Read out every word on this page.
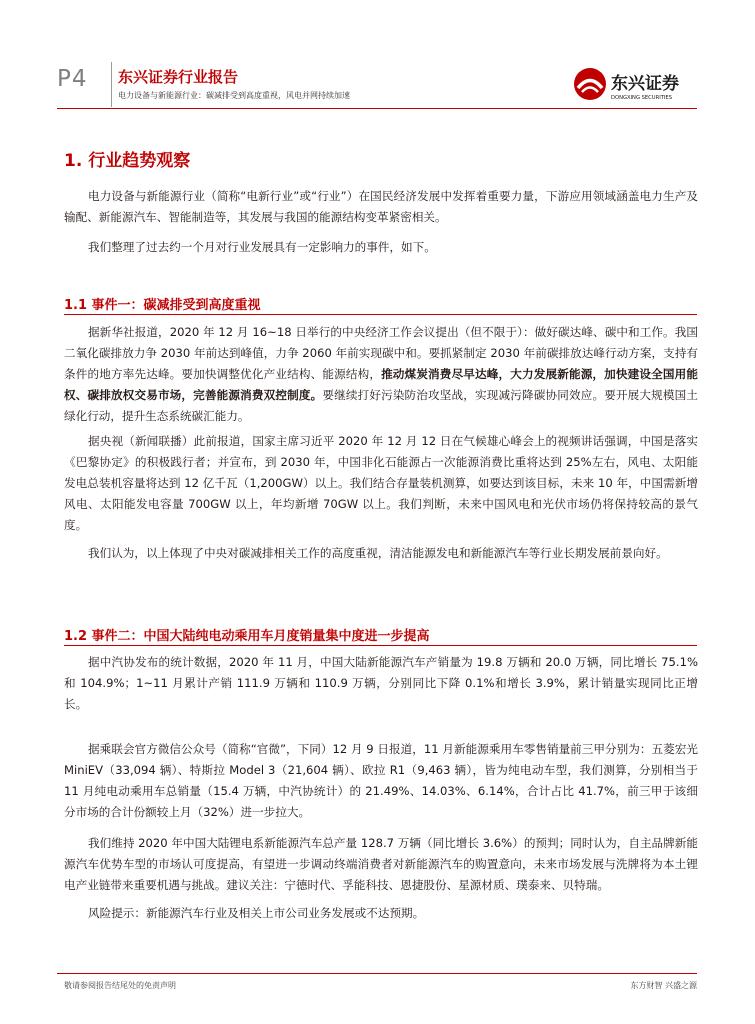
P4 东兴证券行业报告
电力设备与新能源行业：碳减排受到高度重视，风电并网持续加速
东兴证券
DONGXING SECURITIES
1. 行业趋势观察
电力设备与新能源行业（简称“电新行业”或“行业”）在国民经济发展中发挥着重要力量，下游应用领域涵盖电力生产及输配、新能源汽车、智能制造等，其发展与我国的能源结构变革紧密相关。
我们整理了过去约一个月对行业发展具有一定影响力的事件，如下。
1.1 事件一：碳减排受到高度重视
据新华社报道，2020 年 12 月 16~18 日举行的中央经济工作会议提出（但不限于）：做好碳达峰、碳中和工作。我国二氧化碳排放力争 2030 年前达到峰值，力争 2060 年前实现碳中和。要抓紧制定 2030 年前碳排放达峰行动方案，支持有条件的地方率先达峰。要加快调整优化产业结构、能源结构，推动煤炭消费尽早达峰，大力发展新能源，加快建设全国用能权、碳排放权交易市场，完善能源消费双控制度。要继续打好污染防治攻坚战，实现减污降碳协同效应。要开展大规模国土绿化行动，提升生态系统碳汇能力。
据央视（新闻联播）此前报道，国家主席习近平 2020 年 12 月 12 日在气候雄心峰会上的视频讲话强调，中国是落实《巴黎协定》的积极践行者；并宣布，到 2030 年，中国非化石能源占一次能源消费比重将达到 25%左右，风电、太阳能发电总装机容量将达到 12 亿千瓦（1,200GW）以上。我们结合存量装机测算，如要达到该目标，未来 10 年，中国需新增风电、太阳能发电容量 700GW 以上，年均新增 70GW 以上。我们判断，未来中国风电和光伏市场仍将保持较高的景气度。
我们认为，以上体现了中央对碳减排相关工作的高度重视，清洁能源发电和新能源汽车等行业长期发展前景向好。
1.2 事件二：中国大陆纯电动乘用车月度销量集中度进一步提高
据中汽协发布的统计数据，2020 年 11 月，中国大陆新能源汽车产销量为 19.8 万辆和 20.0 万辆，同比增长 75.1%和 104.9%；1~11 月累计产销 111.9 万辆和 110.9 万辆，分别同比下降 0.1%和增长 3.9%，累计销量实现同比正增长。
据乘联会官方微信公众号（简称“官微”，下同）12 月 9 日报道，11 月新能源乘用车零售销量前三甲分别为：五菱宏光 MiniEV（33,094 辆）、特斯拉 Model 3（21,604 辆）、欧拉 R1（9,463 辆），皆为纯电动车型，我们测算，分别相当于 11 月纯电动乘用车总销量（15.4 万辆，中汽协统计）的 21.49%、14.03%、6.14%，合计占比 41.7%，前三甲于该细分市场的合计份额较上月（32%）进一步拉大。
我们维持 2020 年中国大陆锂电系新能源汽车总产量 128.7 万辆（同比增长 3.6%）的预判；同时认为，自主品牌新能源汽车优势车型的市场认可度提高，有望进一步调动终端消费者对新能源汽车的购置意向，未来市场发展与洗牌将为本土锂电产业链带来重要机遇与挑战。建议关注：宁德时代、孚能科技、恩捷股份、星源材质、璞泰来、贝特瑞。
风险提示：新能源汽车行业及相关上市公司业务发展或不达预期。
敬请参阅报告结尾处的免责声明	东方财智 兴盛之源
